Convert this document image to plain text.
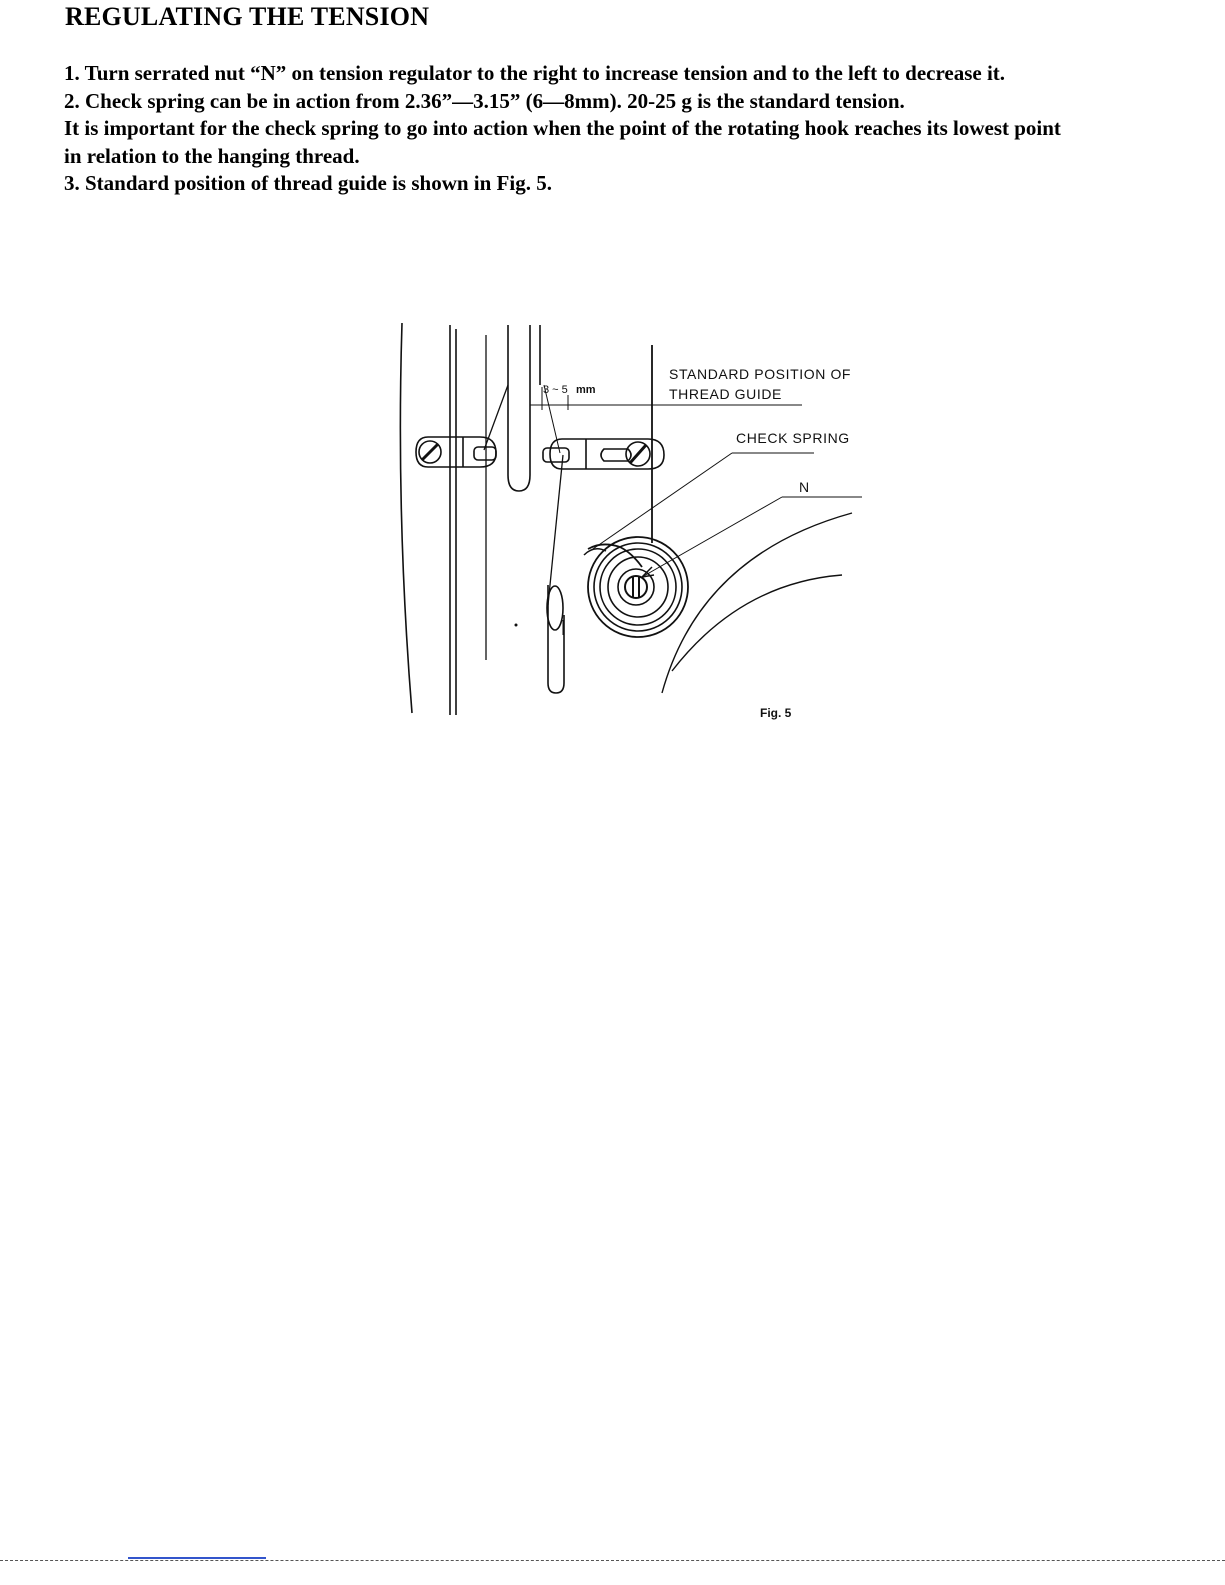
REGULATING THE TENSION
1. Turn serrated nut “N” on tension regulator to the right to increase tension and to the left to decrease it.
2. Check spring can be in action from 2.36”—3.15” (6—8mm). 20-25 g is the standard tension.
It is important for the check spring to go into action when the point of the rotating hook reaches its lowest point
in relation to the hanging thread.
3. Standard position of thread guide is shown in Fig. 5.
3 ~ 5 mm
STANDARD POSITION OF
THREAD GUIDE
CHECK SPRING
N
Fig. 5
